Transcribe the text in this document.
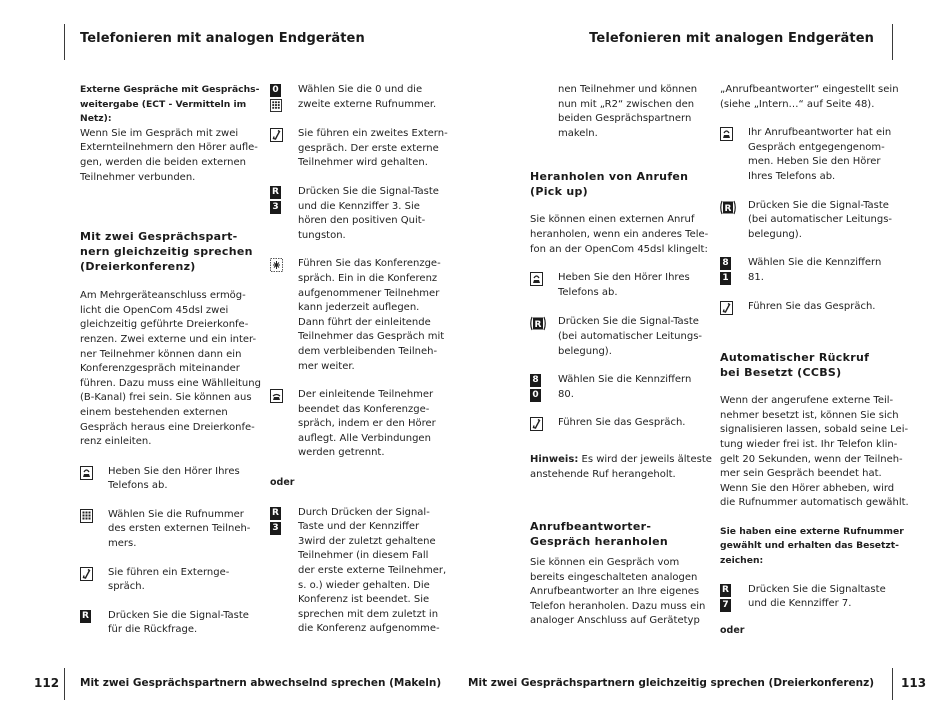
Telefonieren mit analogen Endgeräten	Telefonieren mit analogen Endgeräten
112 Mit zwei Gesprächspartnern abwechselnd sprechen (Makeln)	Mit zwei Gesprächspartnern gleichzeitig sprechen (Dreierkonferenz) 113
Externe Gespräche mit Gesprächs-
weitergabe (ECT - Vermitteln im
Netz):
Wenn Sie im Gespräch mit zwei
Externteilnehmern den Hörer aufle-
gen, werden die beiden externen
Teilnehmer verbunden.
Mit zwei Gesprächspart-
nern gleichzeitig sprechen
(Dreierkonferenz)
Am Mehrgeräteanschluss ermög-
licht die OpenCom 45dsl zwei
gleichzeitig geführte Dreierkonfe-
renzen. Zwei externe und ein inter-
ner Teilnehmer können dann ein
Konferenzgespräch miteinander
führen. Dazu muss eine Wählleitung
(B-Kanal) frei sein. Sie können aus
einem bestehenden externen
Gespräch heraus eine Dreierkonfe-
renz einleiten.
Heben Sie den Hörer Ihres
Telefons ab.
Wählen Sie die Rufnummer
des ersten externen Teilneh-
mers.
Sie führen ein Externge-
spräch.
R Drücken Sie die Signal-Taste
für die Rückfrage.
0 Wählen Sie die 0 und die
zweite externe Rufnummer.
Sie führen ein zweites Extern-
gespräch. Der erste externe
Teilnehmer wird gehalten.
R
3
Drücken Sie die Signal-Taste
und die Kennziffer 3. Sie
hören den positiven Quit-
tungston.
Führen Sie das Konferenzge-
spräch. Ein in die Konferenz
aufgenommener Teilnehmer
kann jederzeit auflegen.
Dann führt der einleitende
Teilnehmer das Gespräch mit
dem verbleibenden Teilneh-
mer weiter.
Der einleitende Teilnehmer
beendet das Konferenzge-
spräch, indem er den Hörer
auflegt. Alle Verbindungen
werden getrennt.
oder
R
3
Durch Drücken der Signal-
Taste und der Kennziffer
3wird der zuletzt gehaltene
Teilnehmer (in diesem Fall
der erste externe Teilnehmer,
s. o.) wieder gehalten. Die
Konferenz ist beendet. Sie
sprechen mit dem zuletzt in
die Konferenz aufgenomme-
nen Teilnehmer und können
nun mit „R2“ zwischen den
beiden Gesprächspartnern
makeln.
Heranholen von Anrufen
(Pick up)
Sie können einen externen Anruf
heranholen, wenn ein anderes Tele-
fon an der OpenCom 45dsl klingelt:
Heben Sie den Hörer Ihres
Telefons ab.
R Drücken Sie die Signal-Taste
(bei automatischer Leitungs-
belegung).
8
0
Wählen Sie die Kennziffern
80.
Führen Sie das Gespräch.
Hinweis: Es wird der jeweils älteste
anstehende Ruf herangeholt.
Anrufbeantworter-
Gespräch heranholen
Sie können ein Gespräch vom
bereits eingeschalteten analogen
Anrufbeantworter an Ihre eigenes
Telefon heranholen. Dazu muss ein
analoger Anschluss auf Gerätetyp
„Anrufbeantworter“ eingestellt sein
(siehe „Intern…“ auf Seite 48).
Ihr Anrufbeantworter hat ein
Gespräch entgegengenom-
men. Heben Sie den Hörer
Ihres Telefons ab.
R Drücken Sie die Signal-Taste
(bei automatischer Leitungs-
belegung).
8
1
Wählen Sie die Kennziffern
81.
Führen Sie das Gespräch.
Automatischer Rückruf
bei Besetzt (CCBS)
Wenn der angerufene externe Teil-
nehmer besetzt ist, können Sie sich
signalisieren lassen, sobald seine Lei-
tung wieder frei ist. Ihr Telefon klin-
gelt 20 Sekunden, wenn der Teilneh-
mer sein Gespräch beendet hat.
Wenn Sie den Hörer abheben, wird
die Rufnummer automatisch gewählt.
Sie haben eine externe Rufnummer
gewählt und erhalten das Besetzt-
zeichen:
R
7
Drücken Sie die Signaltaste
und die Kennziffer 7.
oder
